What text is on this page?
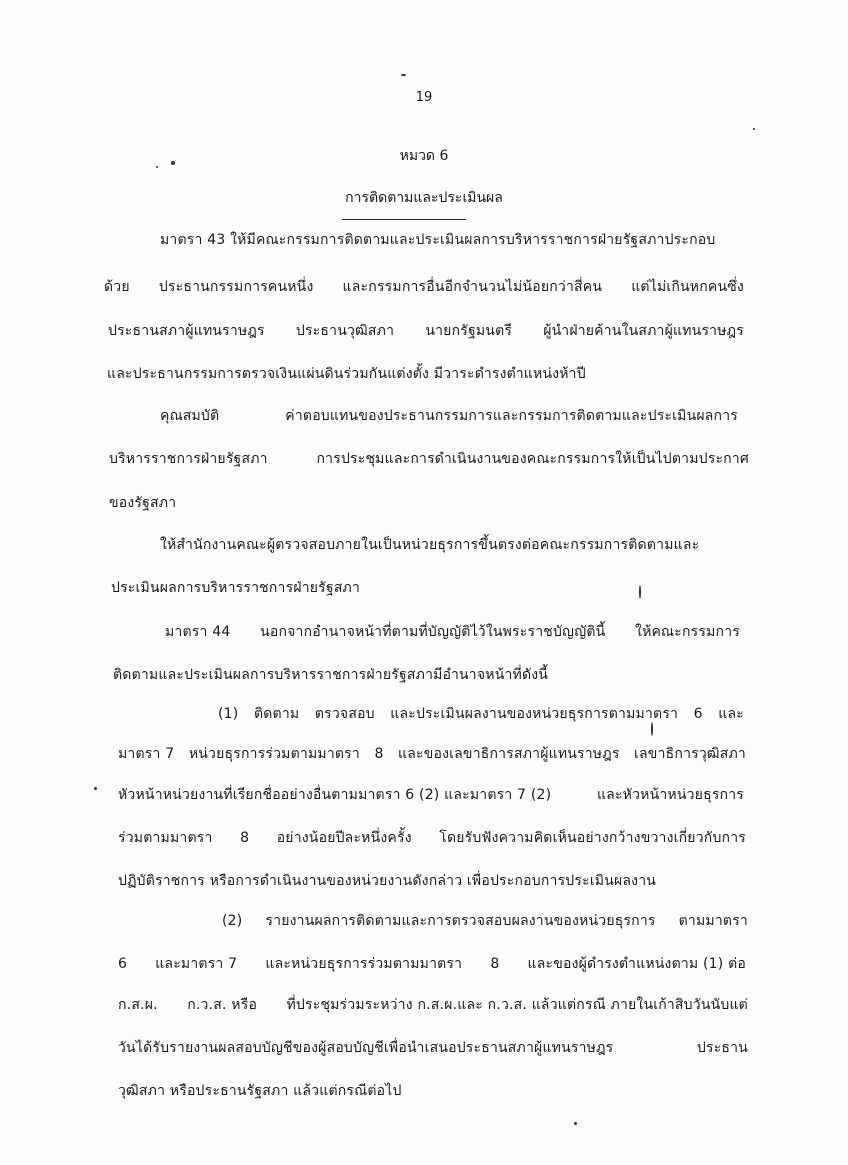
19
หมวด 6
การติดตามและประเมินผล
มาตรา 43 ให้มีคณะกรรมการติดตามและประเมินผลการบริหารราชการฝ่ายรัฐสภาประกอบ
ด้วย ประธานกรรมการคนหนึ่ง และกรรมการอื่นอีกจำนวนไม่น้อยกว่าสี่คน แต่ไม่เกินหกคนซึ่ง
ประธานสภาผู้แทนราษฎร ประธานวุฒิสภา นายกรัฐมนตรี ผู้นำฝ่ายค้านในสภาผู้แทนราษฎร
และประธานกรรมการตรวจเงินแผ่นดินร่วมกันแต่งตั้ง มีวาระดำรงตำแหน่งห้าปี
คุณสมบัติ	ค่าตอบแทนของประธานกรรมการและกรรมการติดตามและประเมินผลการ
บริหารราชการฝ่ายรัฐสภา	การประชุมและการดำเนินงานของคณะกรรมการให้เป็นไปตามประกาศ
ของรัฐสภา
ให้สำนักงานคณะผู้ตรวจสอบภายในเป็นหน่วยธุรการขึ้นตรงต่อคณะกรรมการติดตามและ
ประเมินผลการบริหารราชการฝ่ายรัฐสภา
มาตรา 44 นอกจากอำนาจหน้าที่ตามที่บัญญัติไว้ในพระราชบัญญัตินี้ ให้คณะกรรมการ
ติดตามและประเมินผลการบริหารราชการฝ่ายรัฐสภามีอำนาจหน้าที่ดังนี้
(1) ติดตาม ตรวจสอบ และประเมินผลงานของหน่วยธุรการตามมาตรา 6 และ
มาตรา 7 หน่วยธุรการร่วมตามมาตรา 8 และของเลขาธิการสภาผู้แทนราษฎร เลขาธิการวุฒิสภา
หัวหน้าหน่วยงานที่เรียกชื่ออย่างอื่นตามมาตรา 6 (2) และมาตรา 7 (2)	และหัวหน้าหน่วยธุรการ
ร่วมตามมาตรา 8 อย่างน้อยปีละหนึ่งครั้ง โดยรับฟังความคิดเห็นอย่างกว้างขวางเกี่ยวกับการ
ปฏิบัติราชการ หรือการดำเนินงานของหน่วยงานดังกล่าว เพื่อประกอบการประเมินผลงาน
(2) รายงานผลการติดตามและการตรวจสอบผลงานของหน่วยธุรการ ตามมาตรา
6 และมาตรา 7 และหน่วยธุรการร่วมตามมาตรา 8 และของผู้ดำรงตำแหน่งตาม (1) ต่อ
ก.ส.ผ. ก.ว.ส. หรือ ที่ประชุมร่วมระหว่าง ก.ส.ผ.และ ก.ว.ส. แล้วแต่กรณี ภายในเก้าสิบวันนับแต่
วันได้รับรายงานผลสอบบัญชีของผู้สอบบัญชีเพื่อนำเสนอประธานสภาผู้แทนราษฎร	ประธาน
วุฒิสภา หรือประธานรัฐสภา แล้วแต่กรณีต่อไป
